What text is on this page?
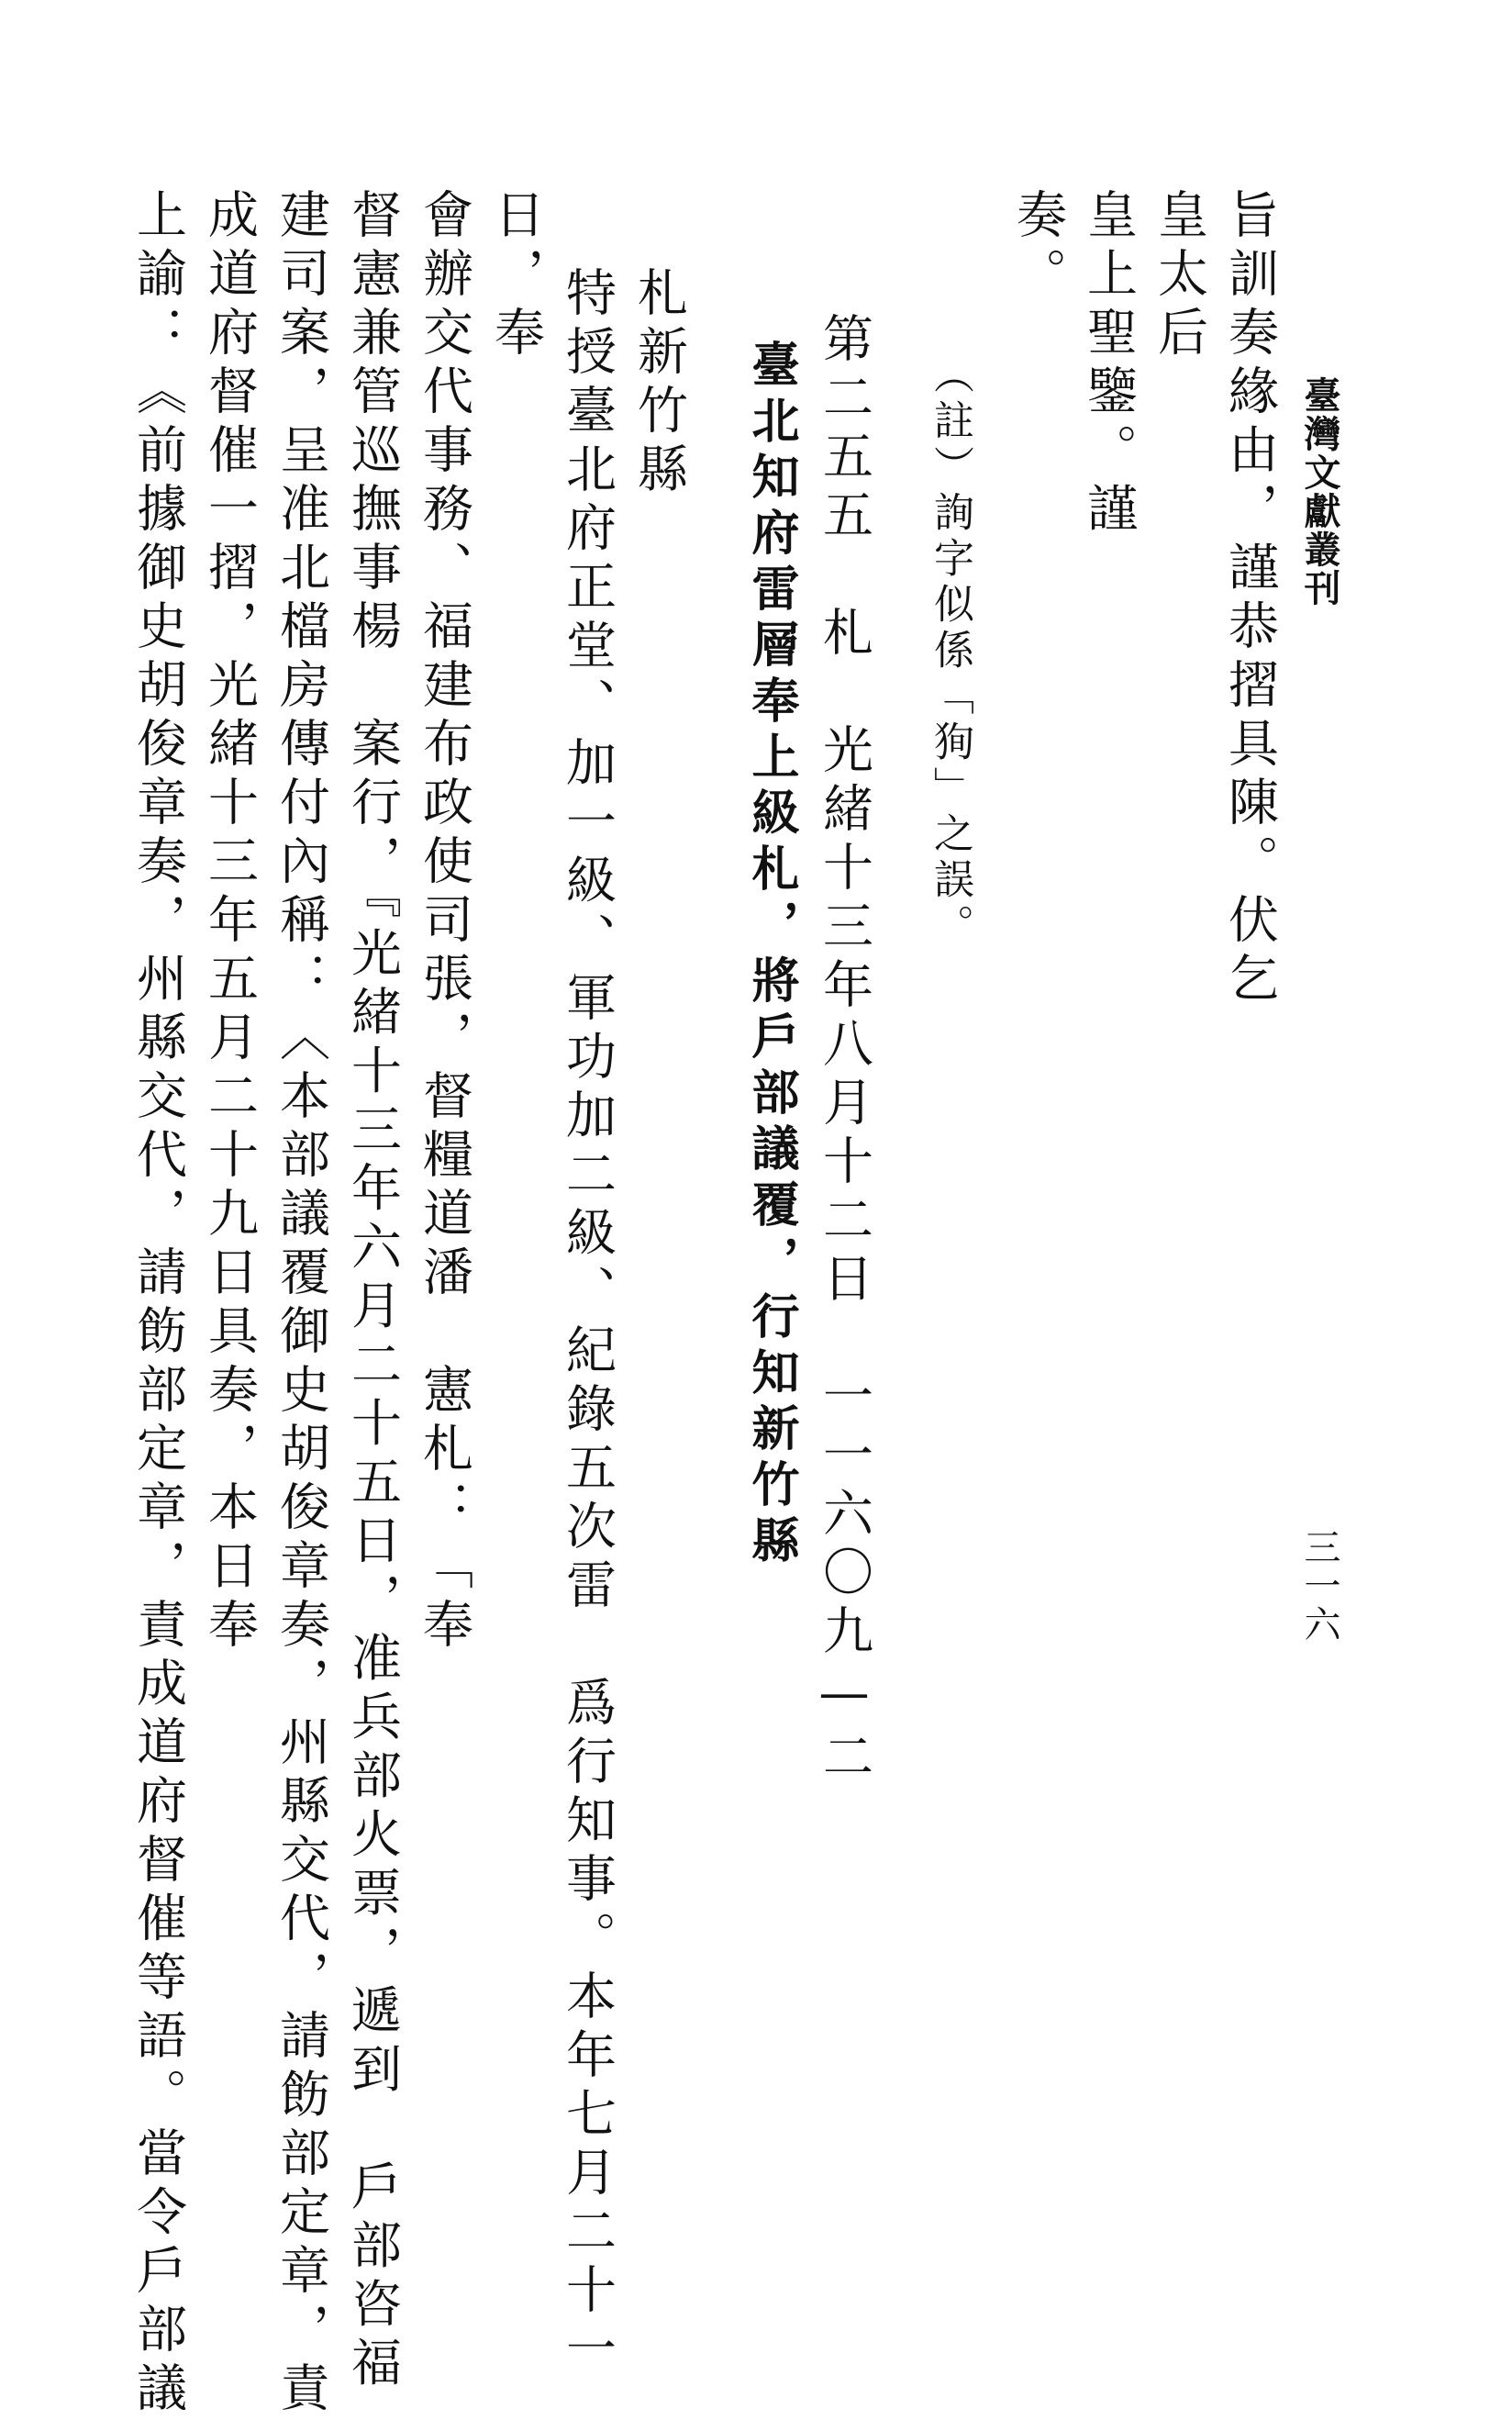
臺灣文獻叢刊
三一六
旨訓奏緣由，謹恭摺具陳。伏乞
皇太后
皇上聖鑒。謹
奏。
（註）詢字似係「狥」之誤。
第二五五　札　光緒十三年八月十二日　一一六〇九—二
臺北知府雷層奉上級札，將戶部議覆，行知新竹縣
札新竹縣
特授臺北府正堂、加一級、軍功加二級、紀錄五次雷　爲行知事。本年七月二十一
日，奉
會辦交代事務、福建布政使司張，督糧道潘　憲札：「奉
督憲兼管巡撫事楊　案行，『光緒十三年六月二十五日，准兵部火票，遞到　戶部咨福
建司案，呈准北檔房傳付內稱：〈本部議覆御史胡俊章奏，州縣交代，請飭部定章，責
成道府督催一摺，光緒十三年五月二十九日具奏，本日奉
上諭：《前據御史胡俊章奏，州縣交代，請飭部定章，責成道府督催等語。當令戶部議
